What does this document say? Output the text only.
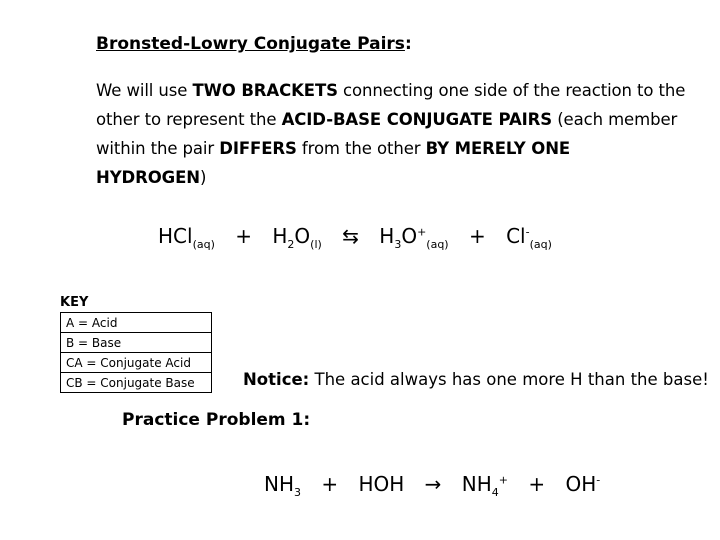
Bronsted-Lowry Conjugate Pairs:
We will use TWO BRACKETS connecting one side of the reaction to the other to represent the ACID-BASE CONJUGATE PAIRS (each member within the pair DIFFERS from the other BY MERELY ONE HYDROGEN)
$HCl_{(aq)} + H_2O_{(l)}$ ⇆ $H_3O^+_{(aq)} + Cl^-_{(aq)}$
KEY
A = Acid
B = Base
CA = Conjugate Acid
CB = Conjugate Base	Notice: The acid always has one more H than the base!
Practice Problem 1:
$NH_3$ + HOH → $NH_4^+ + OH^-$
